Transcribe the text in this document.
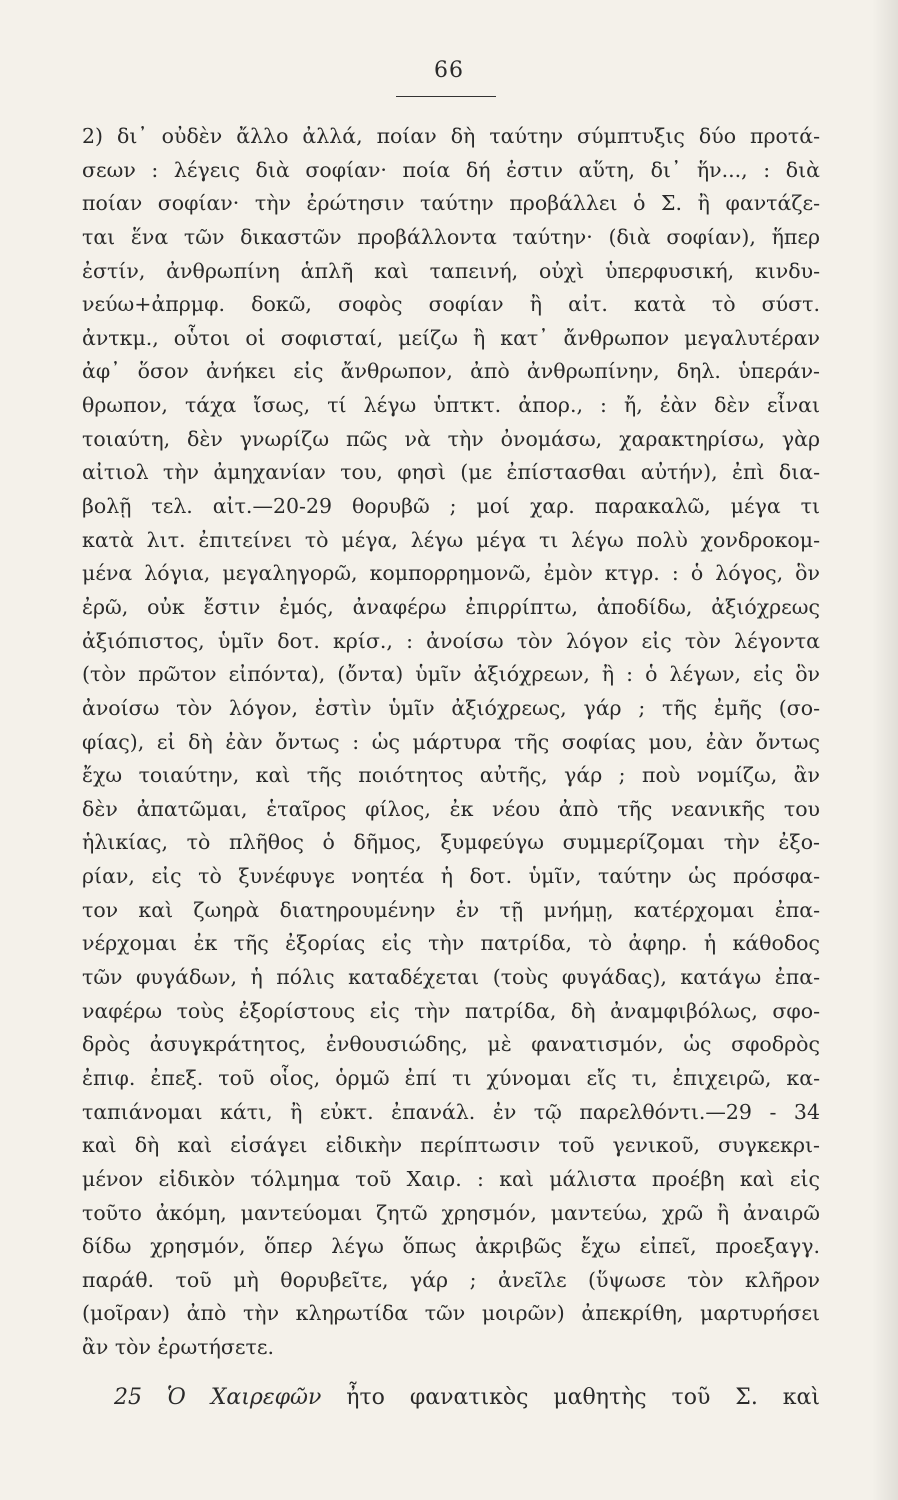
66
2) δι᾽ οὐδὲν ἄλλο ἀλλά, ποίαν δὴ ταύτην σύμπτυξις δύο προτά-
σεων : λέγεις διὰ σοφίαν· ποία δή ἐστιν αὕτη, δι᾽ ἥν..., : διὰ
ποίαν σοφίαν· τὴν ἐρώτησιν ταύτην προβάλλει ὁ Σ. ἢ φαντάζε-
ται ἕνα τῶν δικαστῶν προβάλλοντα ταύτην· (διὰ σοφίαν), ἥπερ
ἐστίν, ἀνθρωπίνη ἁπλῆ καὶ ταπεινή, οὐχὶ ὑπερφυσική, κινδυ-
νεύω+ἀπρμφ. δοκῶ, σοφὸς σοφίαν ἢ αἰτ. κατὰ τὸ σύστ.
ἀντκμ., οὗτοι οἱ σοφισταί, μείζω ἢ κατ᾽ ἄνθρωπον μεγαλυτέραν
ἀφ᾽ ὅσον ἀνήκει εἰς ἄνθρωπον, ἀπὸ ἀνθρωπίνην, δηλ. ὑπεράν-
θρωπον, τάχα ἴσως, τί λέγω ὑπτκτ. ἀπορ., : ἤ, ἐὰν δὲν εἶναι
τοιαύτη, δὲν γνωρίζω πῶς νὰ τὴν ὀνομάσω, χαρακτηρίσω, γὰρ
αἰτιολ τὴν ἀμηχανίαν του, φησὶ (με ἐπίστασθαι αὐτήν), ἐπὶ δια-
βολῇ τελ. αἰτ.—20-29 θορυβῶ ; μοί χαρ. παρακαλῶ, μέγα τι
κατὰ λιτ. ἐπιτείνει τὸ μέγα, λέγω μέγα τι λέγω πολὺ χονδροκομ-
μένα λόγια, μεγαληγορῶ, κομπορρημονῶ, ἐμὸν κτγρ. : ὁ λόγος, ὃν
ἐρῶ, οὐκ ἔστιν ἐμός, ἀναφέρω ἐπιρρίπτω, ἀποδίδω, ἀξιόχρεως
ἀξιόπιστος, ὑμῖν δοτ. κρίσ., : ἀνοίσω τὸν λόγον εἰς τὸν λέγοντα
(τὸν πρῶτον εἰπόντα), (ὄντα) ὑμῖν ἀξιόχρεων, ἢ : ὁ λέγων, εἰς ὃν
ἀνοίσω τὸν λόγον, ἐστὶν ὑμῖν ἀξιόχρεως, γάρ ; τῆς ἐμῆς (σο-
φίας), εἰ δὴ ἐὰν ὄντως : ὡς μάρτυρα τῆς σοφίας μου, ἐὰν ὄντως
ἔχω τοιαύτην, καὶ τῆς ποιότητος αὐτῆς, γάρ ; ποὺ νομίζω, ἂν
δὲν ἀπατῶμαι, ἑταῖρος φίλος, ἐκ νέου ἀπὸ τῆς νεανικῆς του
ἡλικίας, τὸ πλῆθος ὁ δῆμος, ξυμφεύγω συμμερίζομαι τὴν ἐξο-
ρίαν, εἰς τὸ ξυνέφυγε νοητέα ἡ δοτ. ὑμῖν, ταύτην ὡς πρόσφα-
τον καὶ ζωηρὰ διατηρουμένην ἐν τῇ μνήμῃ, κατέρχομαι ἐπα-
νέρχομαι ἐκ τῆς ἐξορίας εἰς τὴν πατρίδα, τὸ ἀφηρ. ἡ κάθοδος
τῶν φυγάδων, ἡ πόλις καταδέχεται (τοὺς φυγάδας), κατάγω ἐπα-
ναφέρω τοὺς ἐξορίστους εἰς τὴν πατρίδα, δὴ ἀναμφιβόλως, σφο-
δρὸς ἀσυγκράτητος, ἐνθουσιώδης, μὲ φανατισμόν, ὡς σφοδρὸς
ἐπιφ. ἐπεξ. τοῦ οἷος, ὁρμῶ ἐπί τι χύνομαι εἴς τι, ἐπιχειρῶ, κα-
ταπιάνομαι κάτι, ἢ εὐκτ. ἐπανάλ. ἐν τῷ παρελθόντι.—29 - 34
καὶ δὴ καὶ εἰσάγει εἰδικὴν περίπτωσιν τοῦ γενικοῦ, συγκεκρι-
μένον εἰδικὸν τόλμημα τοῦ Χαιρ. : καὶ μάλιστα προέβη καὶ εἰς
τοῦτο ἀκόμη, μαντεύομαι ζητῶ χρησμόν, μαντεύω, χρῶ ἢ ἀναιρῶ
δίδω χρησμόν, ὅπερ λέγω ὅπως ἀκριβῶς ἔχω εἰπεῖ, προεξαγγ.
παράθ. τοῦ μὴ θορυβεῖτε, γάρ ; ἀνεῖλε (ὕψωσε τὸν κλῆρον
(μοῖραν) ἀπὸ τὴν κληρωτίδα τῶν μοιρῶν) ἀπεκρίθη, μαρτυρήσει
ἂν τὸν ἐρωτήσετε.
25 Ὁ Χαιρεφῶν ἦτο φανατικὸς μαθητὴς τοῦ Σ. καὶ
